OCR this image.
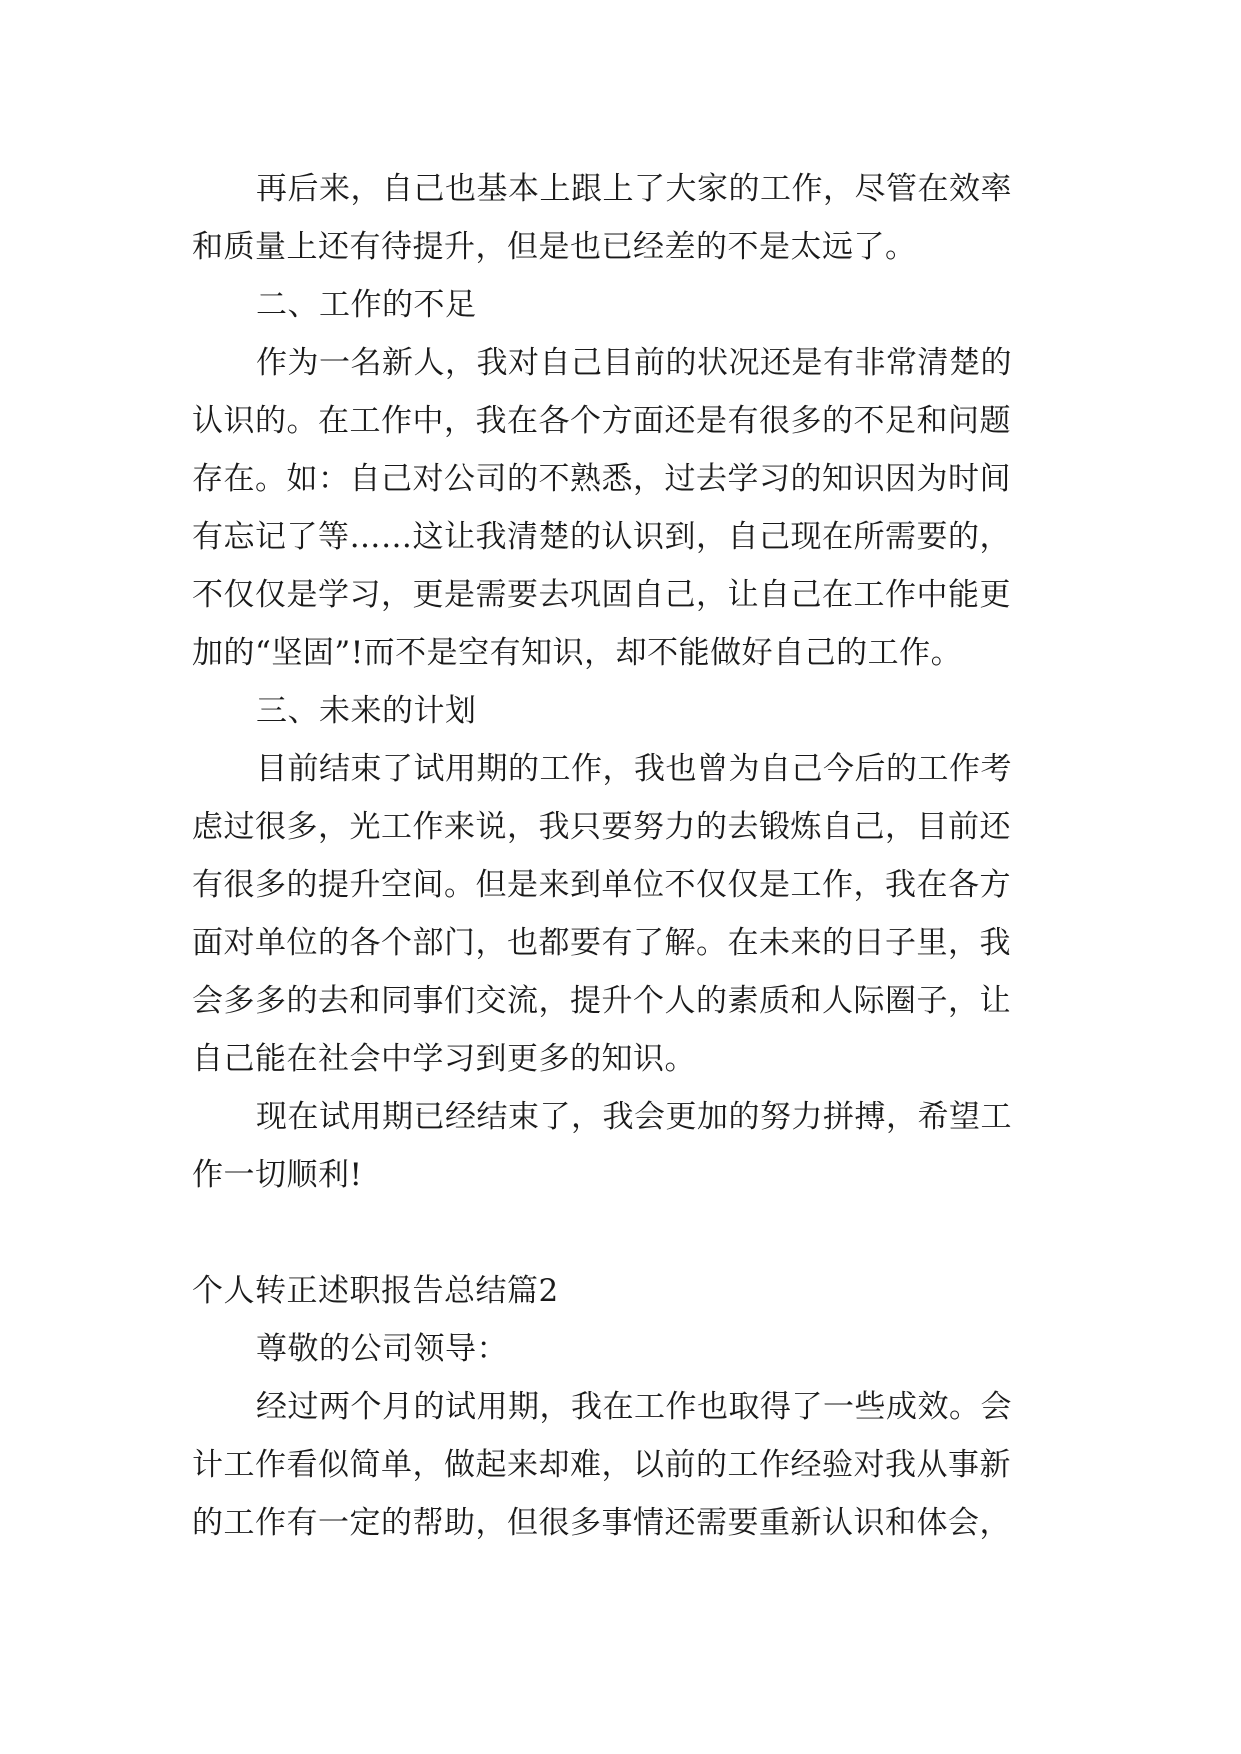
再后来，自己也基本上跟上了大家的工作，尽管在效率
和质量上还有待提升，但是也已经差的不是太远了。
二、工作的不足
作为一名新人，我对自己目前的状况还是有非常清楚的
认识的。在工作中，我在各个方面还是有很多的不足和问题
存在。如：自己对公司的不熟悉，过去学习的知识因为时间
有忘记了等……这让我清楚的认识到，自己现在所需要的，
不仅仅是学习，更是需要去巩固自己，让自己在工作中能更
加的“坚固”!而不是空有知识，却不能做好自己的工作。
三、未来的计划
目前结束了试用期的工作，我也曾为自己今后的工作考
虑过很多，光工作来说，我只要努力的去锻炼自己，目前还
有很多的提升空间。但是来到单位不仅仅是工作，我在各方
面对单位的各个部门，也都要有了解。在未来的日子里，我
会多多的去和同事们交流，提升个人的素质和人际圈子，让
自己能在社会中学习到更多的知识。
现在试用期已经结束了，我会更加的努力拼搏，希望工
作一切顺利!
个人转正述职报告总结篇2
尊敬的公司领导：
经过两个月的试用期，我在工作也取得了一些成效。会
计工作看似简单，做起来却难，以前的工作经验对我从事新
的工作有一定的帮助，但很多事情还需要重新认识和体会，
